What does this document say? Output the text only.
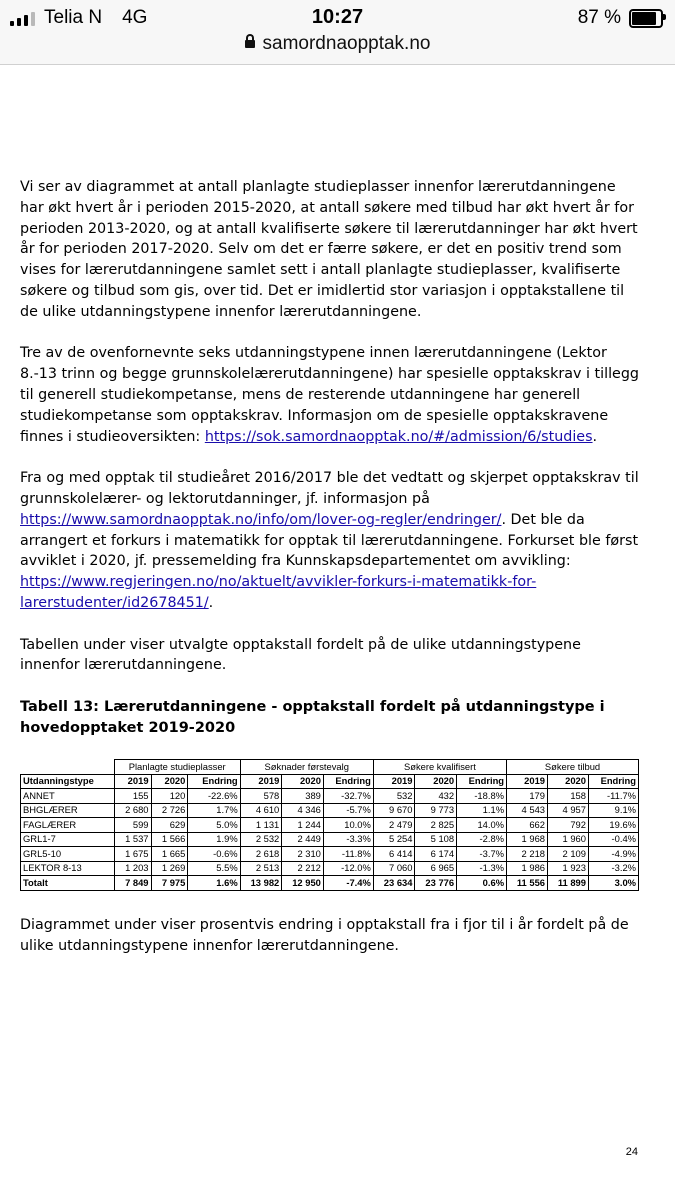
Telia N 4G	10:27	87 %
samordnaopptak.no

Vi ser av diagrammet at antall planlagte studieplasser innenfor lærerutdanningene har økt hvert år i perioden 2015-2020, at antall søkere med tilbud har økt hvert år for perioden 2013-2020, og at antall kvalifiserte søkere til lærerutdanninger har økt hvert år for perioden 2017-2020. Selv om det er færre søkere, er det en positiv trend som vises for lærerutdanningene samlet sett i antall planlagte studieplasser, kvalifiserte søkere og tilbud som gis, over tid. Det er imidlertid stor variasjon i opptakstallene til de ulike utdanningstypene innenfor lærerutdanningene.

Tre av de ovenfornevnte seks utdanningstypene innen lærerutdanningene (Lektor 8.-13 trinn og begge grunnskolelærerutdanningene) har spesielle opptakskrav i tillegg til generell studiekompetanse, mens de resterende utdanningene har generell studiekompetanse som opptakskrav. Informasjon om de spesielle opptakskravene finnes i studieoversikten: https://sok.samordnaopptak.no/#/admission/6/studies.

Fra og med opptak til studieåret 2016/2017 ble det vedtatt og skjerpet opptakskrav til grunnskolelærer- og lektorutdanninger, jf. informasjon på https://www.samordnaopptak.no/info/om/lover-og-regler/endringer/. Det ble da arrangert et forkurs i matematikk for opptak til lærerutdanningene. Forkurset ble først avviklet i 2020, jf. pressemelding fra Kunnskapsdepartementet om avvikling: https://www.regjeringen.no/no/aktuelt/avvikler-forkurs-i-matematikk-for-larerstudenter/id2678451/.

Tabellen under viser utvalgte opptakstall fordelt på de ulike utdanningstypene innenfor lærerutdanningene.

Tabell 13: Lærerutdanningene - opptakstall fordelt på utdanningstype i hovedopptaket 2019-2020
	Planlagte studieplasser			Søknader førstevalg			Søkere kvalifisert			Søkere tilbud		
Utdanningstype	2019	2020	Endring	2019	2020	Endring	2019	2020	Endring	2019	2020	Endring
ANNET	155	120	-22.6%	578	389	-32.7%	532	432	-18.8%	179	158	-11.7%
BHGLÆRER	2 680	2 726	1.7%	4 610	4 346	-5.7%	9 670	9 773	1.1%	4 543	4 957	9.1%
FAGLÆRER	599	629	5.0%	1 131	1 244	10.0%	2 479	2 825	14.0%	662	792	19.6%
GRL1-7	1 537	1 566	1.9%	2 532	2 449	-3.3%	5 254	5 108	-2.8%	1 968	1 960	-0.4%
GRL5-10	1 675	1 665	-0.6%	2 618	2 310	-11.8%	6 414	6 174	-3.7%	2 218	2 109	-4.9%
LEKTOR 8-13	1 203	1 269	5.5%	2 513	2 212	-12.0%	7 060	6 965	-1.3%	1 986	1 923	-3.2%
Totalt	7 849	7 975	1.6%	13 982	12 950	-7.4%	23 634	23 776	0.6%	11 556	11 899	3.0%
Diagrammet under viser prosentvis endring i opptakstall fra i fjor til i år fordelt på de ulike utdanningstypene innenfor lærerutdanningene.
24
